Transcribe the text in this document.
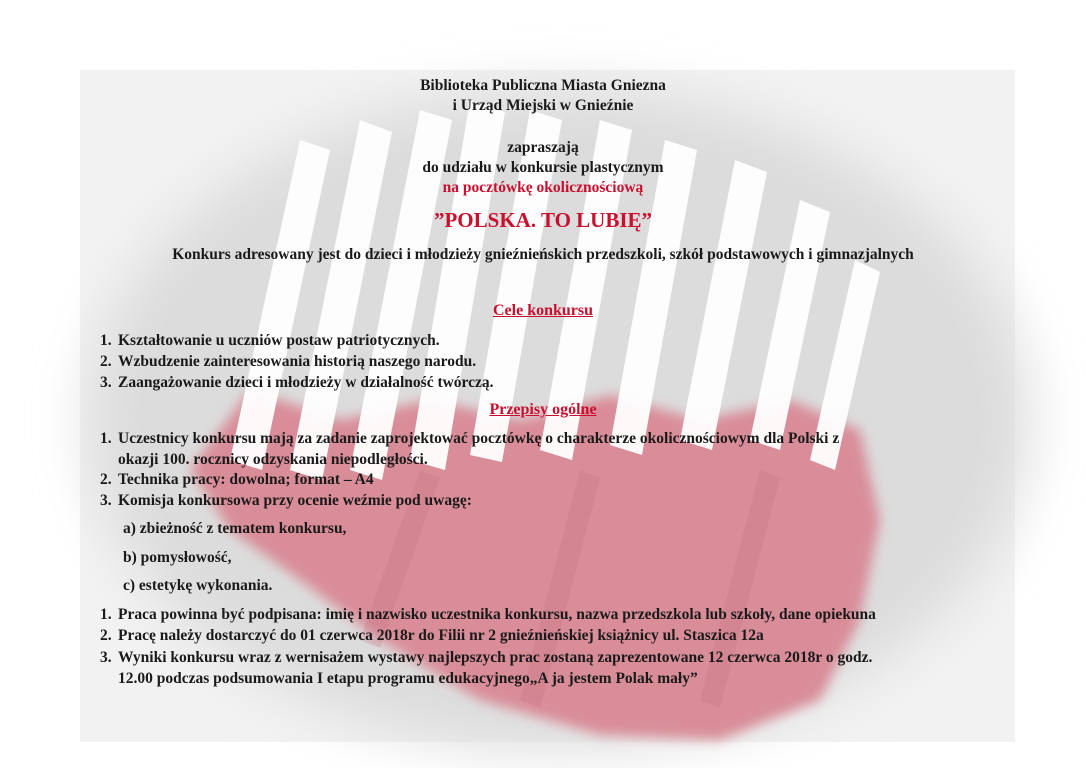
Biblioteka Publiczna Miasta Gniezna
i Urząd Miejski w Gnieźnie
zapraszają
do udziału w konkursie plastycznym
na pocztówkę okolicznościową
”POLSKA. TO LUBIĘ”
Konkurs adresowany jest do dzieci i młodzieży gnieźnieńskich przedszkoli, szkół podstawowych i gimnazjalnych
Cele konkursu
1. Kształtowanie u uczniów postaw patriotycznych.
2. Wzbudzenie zainteresowania historią naszego narodu.
3. Zaangażowanie dzieci i młodzieży w działalność twórczą.
Przepisy ogólne
1. Uczestnicy konkursu mają za zadanie zaprojektować pocztówkę o charakterze okolicznościowym dla Polski z
okazji 100. rocznicy odzyskania niepodległości.
2. Technika pracy: dowolna; format – A4
3. Komisja konkursowa przy ocenie weźmie pod uwagę:
a) zbieżność z tematem konkursu,
b) pomysłowość,
c) estetykę wykonania.
1. Praca powinna być podpisana: imię i nazwisko uczestnika konkursu, nazwa przedszkola lub szkoły, dane opiekuna
2. Pracę należy dostarczyć do 01 czerwca 2018r do Filii nr 2 gnieźnieńskiej książnicy ul. Staszica 12a
3. Wyniki konkursu wraz z wernisażem wystawy najlepszych prac zostaną zaprezentowane 12 czerwca 2018r o godz.
12.00 podczas podsumowania I etapu programu edukacyjnego„A ja jestem Polak mały”
